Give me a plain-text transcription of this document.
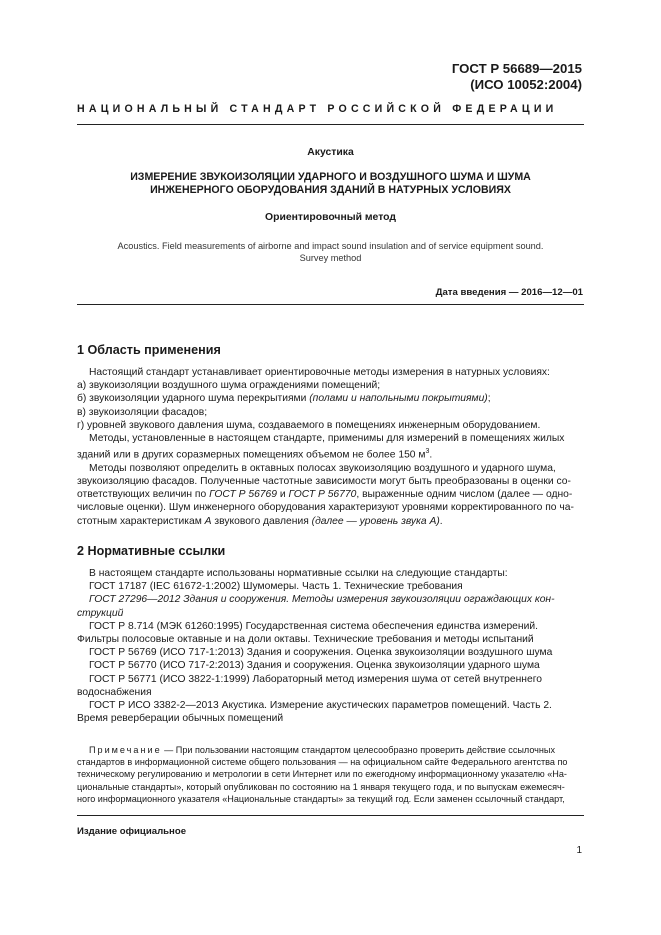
ГОСТ Р 56689—2015
(ИСО 10052:2004)
НАЦИОНАЛЬНЫЙ СТАНДАРТ РОССИЙСКОЙ ФЕДЕРАЦИИ
Акустика
ИЗМЕРЕНИЕ ЗВУКОИЗОЛЯЦИИ УДАРНОГО И ВОЗДУШНОГО ШУМА И ШУМА
ИНЖЕНЕРНОГО ОБОРУДОВАНИЯ ЗДАНИЙ В НАТУРНЫХ УСЛОВИЯХ
Ориентировочный метод
Acoustics. Field measurements of airborne and impact sound insulation and of service equipment sound.
Survey method
Дата введения — 2016—12—01
1 Область применения
Настоящий стандарт устанавливает ориентировочные методы измерения в натурных условиях:
а) звукоизоляции воздушного шума ограждениями помещений;
б) звукоизоляции ударного шума перекрытиями (полами и напольными покрытиями);
в) звукоизоляции фасадов;
г) уровней звукового давления шума, создаваемого в помещениях инженерным оборудованием.
Методы, установленные в настоящем стандарте, применимы для измерений в помещениях жилых
зданий или в других соразмерных помещениях объемом не более 150 $м^3$.
Методы позволяют определить в октавных полосах звукоизоляцию воздушного и ударного шума,
звукоизоляцию фасадов. Полученные частотные зависимости могут быть преобразованы в оценки со-
ответствующих величин по ГОСТ Р 56769 и ГОСТ Р 56770, выраженные одним числом (далее — одно-
числовые оценки). Шум инженерного оборудования характеризуют уровнями корректированного по ча-
стотным характеристикам А звукового давления (далее — уровень звука А).
2 Нормативные ссылки
В настоящем стандарте использованы нормативные ссылки на следующие стандарты:
ГОСТ 17187 (IEC 61672-1:2002) Шумомеры. Часть 1. Технические требования
ГОСТ 27296—2012 Здания и сооружения. Методы измерения звукоизоляции ограждающих кон-
струкций
ГОСТ Р 8.714 (МЭК 61260:1995) Государственная система обеспечения единства измерений.
Фильтры полосовые октавные и на доли октавы. Технические требования и методы испытаний
ГОСТ Р 56769 (ИСО 717-1:2013) Здания и сооружения. Оценка звукоизоляции воздушного шума
ГОСТ Р 56770 (ИСО 717-2:2013) Здания и сооружения. Оценка звукоизоляции ударного шума
ГОСТ Р 56771 (ИСО 3822-1:1999) Лабораторный метод измерения шума от сетей внутреннего
водоснабжения
ГОСТ Р ИСО 3382-2—2013 Акустика. Измерение акустических параметров помещений. Часть 2.
Время реверберации обычных помещений
Примечание — При пользовании настоящим стандартом целесообразно проверить действие ссылочных
стандартов в информационной системе общего пользования — на официальном сайте Федерального агентства по
техническому регулированию и метрологии в сети Интернет или по ежегодному информационному указателю «На-
циональные стандарты», который опубликован по состоянию на 1 января текущего года, и по выпускам ежемесяч-
ного информационного указателя «Национальные стандарты» за текущий год. Если заменен ссылочный стандарт,
Издание официальное
1
